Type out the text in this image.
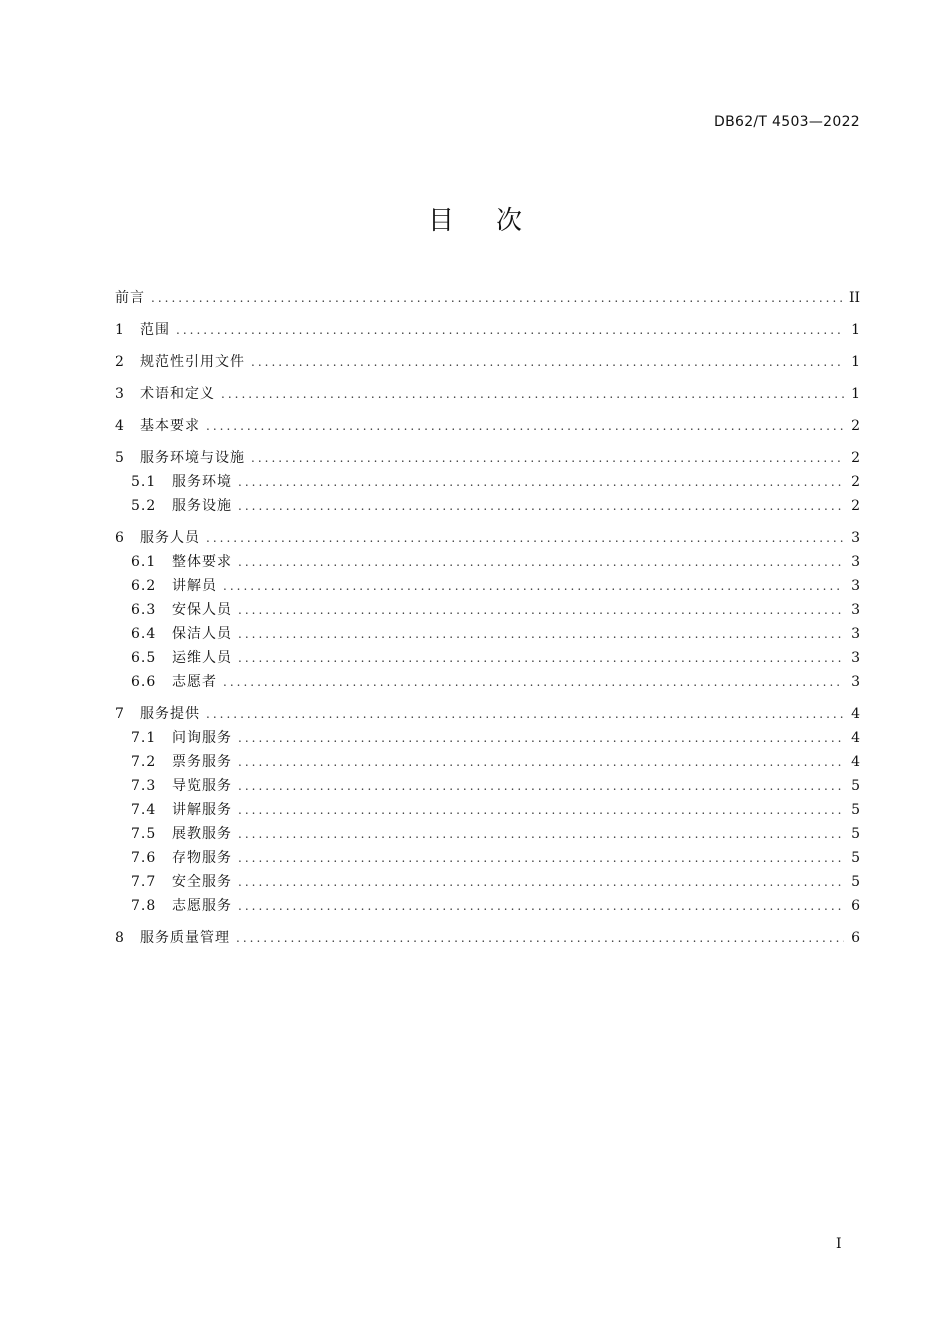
DB62/T 4503—2022
目次
前言 .....	II
1	范围 .....	1
2	规范性引用文件 .....	1
3	术语和定义 .....	1
4	基本要求 .....	2
5	服务环境与设施 .....	2
5.1	服务环境 .....	2
5.2	服务设施 .....	2
6	服务人员 .....	3
6.1	整体要求 .....	3
6.2	讲解员 .....	3
6.3	安保人员 .....	3
6.4	保洁人员 .....	3
6.5	运维人员 .....	3
6.6	志愿者 .....	3
7	服务提供 .....	4
7.1	问询服务 .....	4
7.2	票务服务 .....	4
7.3	导览服务 .....	5
7.4	讲解服务 .....	5
7.5	展教服务 .....	5
7.6	存物服务 .....	5
7.7	安全服务 .....	5
7.8	志愿服务 .....	6
8	服务质量管理 .....	6
I
